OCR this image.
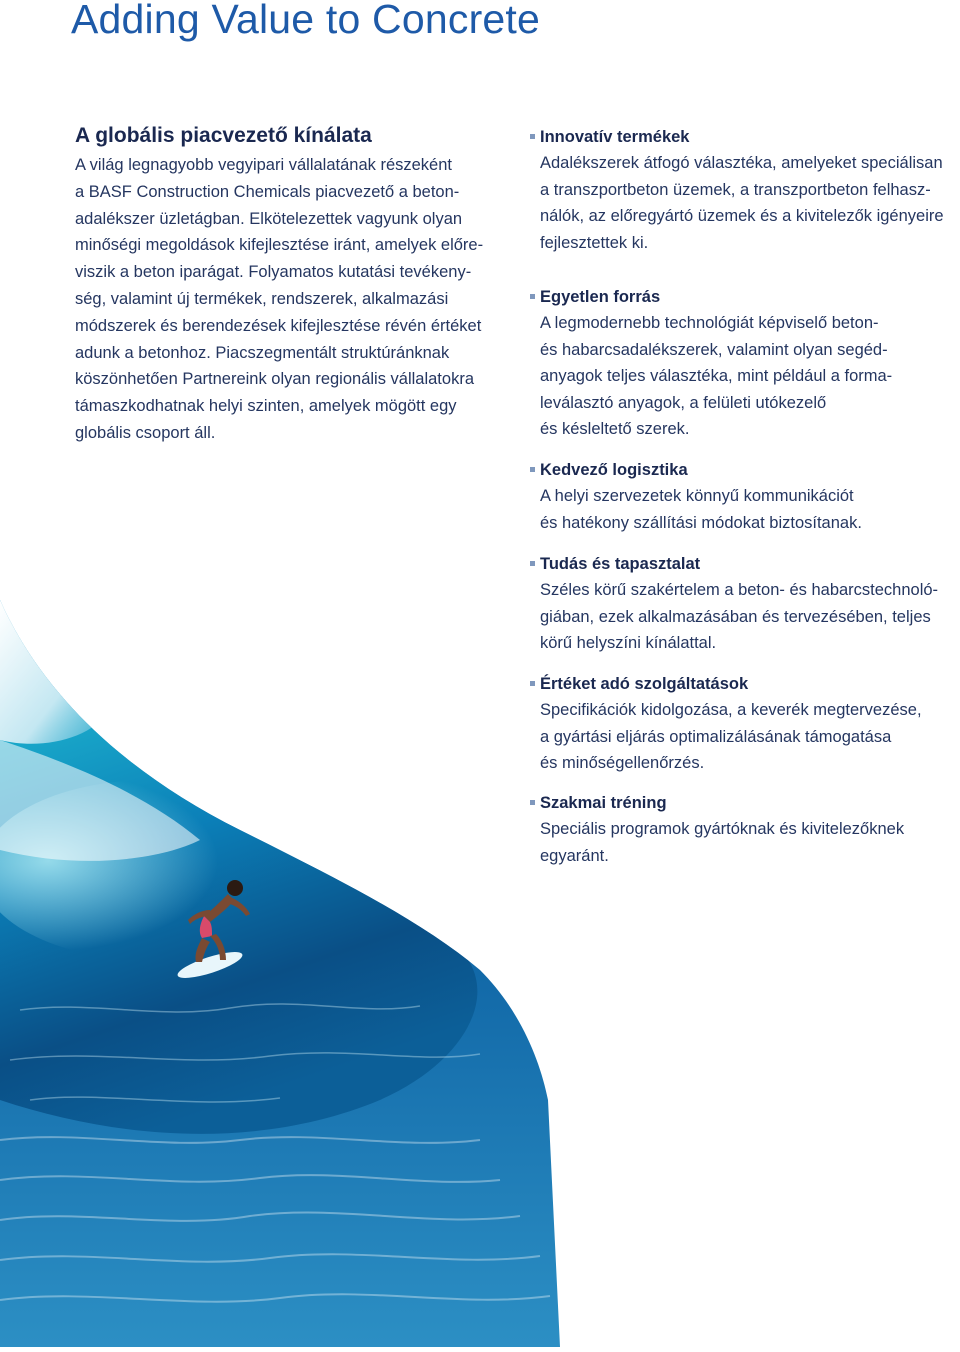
Adding Value to Concrete
A globális piacvezető kínálata

A világ legnagyobb vegyipari vállalatának részeként
a BASF Construction Chemicals piacvezető a beton-
adalékszer üzletágban. Elkötelezettek vagyunk olyan
minőségi megoldások kifejlesztése iránt, amelyek előre-
viszik a beton iparágat. Folyamatos kutatási tevékeny-
ség, valamint új termékek, rendszerek, alkalmazási
módszerek és berendezések kifejlesztése révén értéket
adunk a betonhoz. Piacszegmentált struktúránknak
köszönhetően Partnereink olyan regionális vállalatokra
támaszkodhatnak helyi szinten, amelyek mögött egy
globális csoport áll.

Innovatív termékek
Adalékszerek átfogó választéka, amelyeket speciálisan
a transzportbeton üzemek, a transzportbeton felhasz-
nálók, az előregyártó üzemek és a kivitelezők igényeire
fejlesztettek ki.
Egyetlen forrás
A legmodernebb technológiát képviselő beton-
és habarcsadalékszerek, valamint olyan segéd-
anyagok teljes választéka, mint például a forma-
leválasztó anyagok, a felületi utókezelő
és késleltető szerek.
Kedvező logisztika
A helyi szervezetek könnyű kommunikációt
és hatékony szállítási módokat biztosítanak.
Tudás és tapasztalat
Széles körű szakértelem a beton- és habarcstechnoló-
giában, ezek alkalmazásában és tervezésében, teljes
körű helyszíni kínálattal.
Értéket adó szolgáltatások
Specifikációk kidolgozása, a keverék megtervezése,
a gyártási eljárás optimalizálásának támogatása
és minőségellenőrzés.
Szakmai tréning
Speciális programok gyártóknak és kivitelezőknek
egyaránt.
